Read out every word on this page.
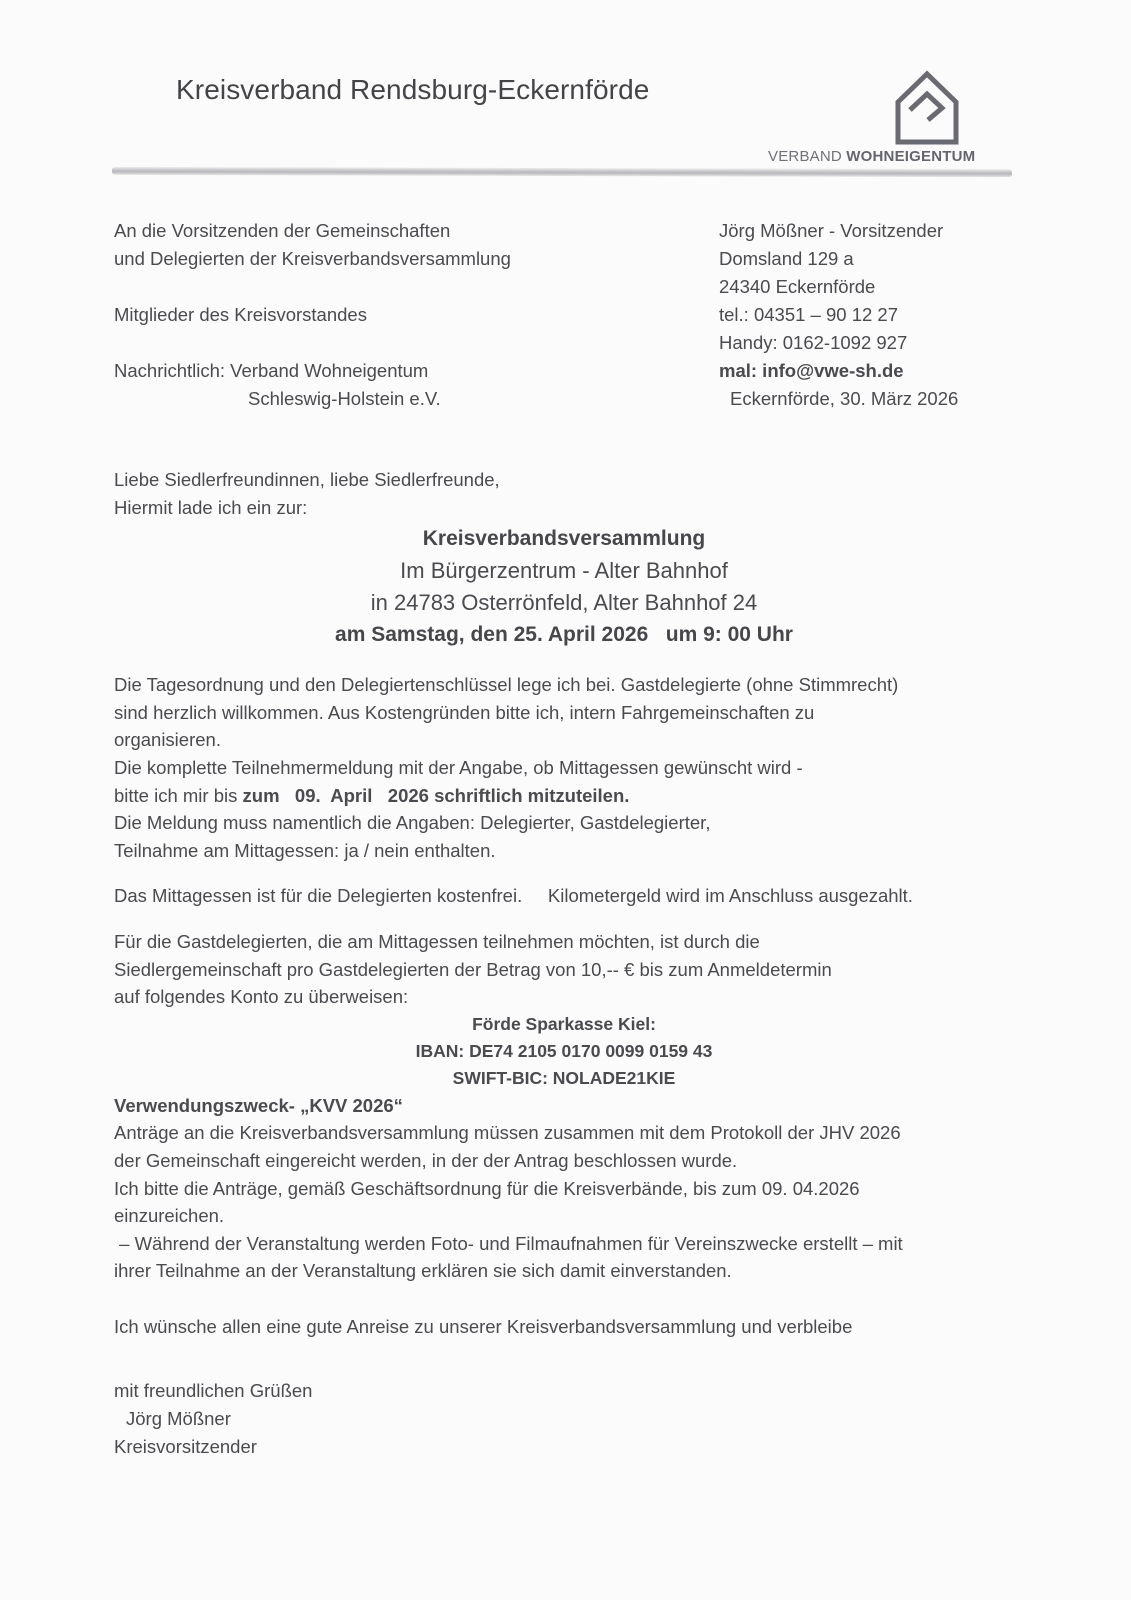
Kreisverband Rendsburg-Eckernförde
VERBAND WOHNEIGENTUM
An die Vorsitzenden der Gemeinschaften
und Delegierten der Kreisverbandsversammlung
Mitglieder des Kreisvorstandes
Nachrichtlich: Verband Wohneigentum
Schleswig-Holstein e.V.
Jörg Mößner - Vorsitzender
Domsland 129 a
24340 Eckernförde
tel.: 04351 – 90 12 27
Handy: 0162-1092 927
mal: info@vwe-sh.de
Eckernförde, 30. März 2026
Liebe Siedlerfreundinnen, liebe Siedlerfreunde,
Hiermit lade ich ein zur:
Kreisverbandsversammlung
Im Bürgerzentrum - Alter Bahnhof
in 24783 Osterrönfeld, Alter Bahnhof 24
am Samstag, den 25. April 2026   um 9: 00 Uhr
Die Tagesordnung und den Delegiertenschlüssel lege ich bei. Gastdelegierte (ohne Stimmrecht)
sind herzlich willkommen. Aus Kostengründen bitte ich, intern Fahrgemeinschaften zu
organisieren.
Die komplette Teilnehmermeldung mit der Angabe, ob Mittagessen gewünscht wird -
bitte ich mir bis zum   09.  April   2026 schriftlich mitzuteilen.
Die Meldung muss namentlich die Angaben: Delegierter, Gastdelegierter,
Teilnahme am Mittagessen: ja / nein enthalten.
Das Mittagessen ist für die Delegierten kostenfrei.     Kilometergeld wird im Anschluss ausgezahlt.
Für die Gastdelegierten, die am Mittagessen teilnehmen möchten, ist durch die
Siedlergemeinschaft pro Gastdelegierten der Betrag von 10,-- € bis zum Anmeldetermin
auf folgendes Konto zu überweisen:
Förde Sparkasse Kiel:
IBAN: DE74 2105 0170 0099 0159 43
SWIFT-BIC: NOLADE21KIE
Verwendungszweck- „KVV 2026“
Anträge an die Kreisverbandsversammlung müssen zusammen mit dem Protokoll der JHV 2026
der Gemeinschaft eingereicht werden, in der der Antrag beschlossen wurde.
Ich bitte die Anträge, gemäß Geschäftsordnung für die Kreisverbände, bis zum 09. 04.2026
einzureichen.
– Während der Veranstaltung werden Foto- und Filmaufnahmen für Vereinszwecke erstellt – mit
ihrer Teilnahme an der Veranstaltung erklären sie sich damit einverstanden.
Ich wünsche allen eine gute Anreise zu unserer Kreisverbandsversammlung und verbleibe
mit freundlichen Grüßen
Jörg Mößner
Kreisvorsitzender
